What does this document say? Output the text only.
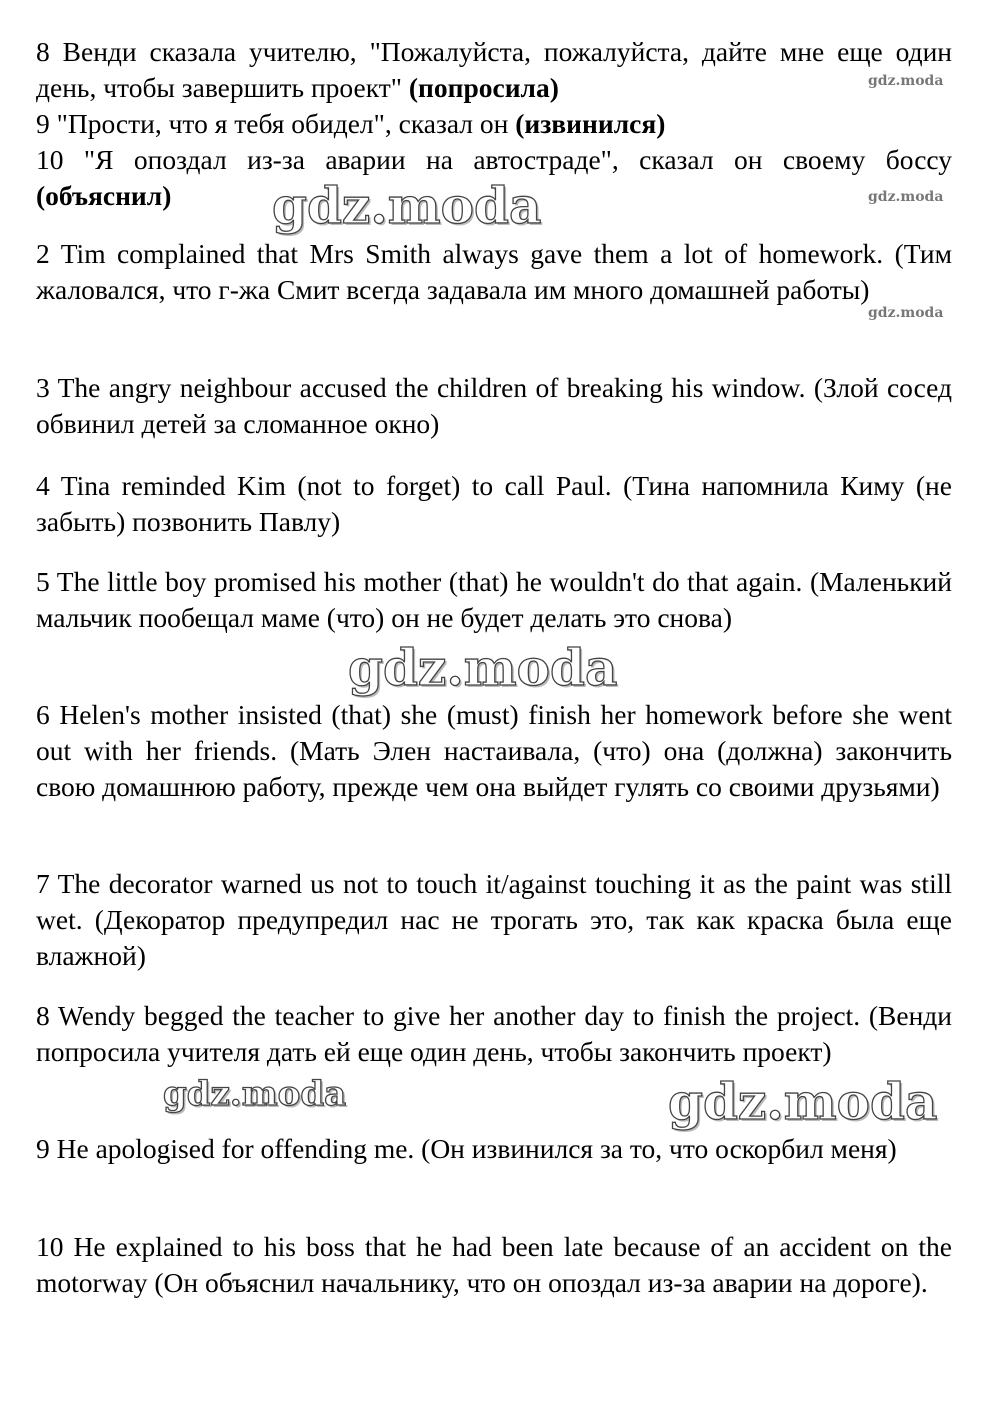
8 Венди сказала учителю, "Пожалуйста, пожалуйста, дайте мне еще один день, чтобы завершить проект" (попросила)
9 "Прости, что я тебя обидел", сказал он (извинился)
10 "Я опоздал из-за аварии на автостраде", сказал он своему боссу (объяснил)
2 Tim complained that Mrs Smith always gave them a lot of homework. (Тим жаловался, что г-жа Смит всегда задавала им много домашней работы)
3 The angry neighbour accused the children of breaking his window. (Злой сосед обвинил детей за сломанное окно)
4 Tina reminded Kim (not to forget) to call Paul. (Тина напомнила Киму (не забыть) позвонить Павлу)
5 The little boy promised his mother (that) he wouldn't do that again. (Маленький мальчик пообещал маме (что) он не будет делать это снова)
6 Helen's mother insisted (that) she (must) finish her homework before she went out with her friends. (Мать Элен настаивала, (что) она (должна) закончить свою домашнюю работу, прежде чем она выйдет гулять со своими друзьями)
7 The decorator warned us not to touch it/against touching it as the paint was still wet. (Декоратор предупредил нас не трогать это, так как краска была еще влажной)
8 Wendy begged the teacher to give her another day to finish the project. (Венди попросила учителя дать ей еще один день, чтобы закончить проект)
9 He apologised for offending me. (Он извинился за то, что оскорбил меня)
10 He explained to his boss that he had been late because of an accident on the motorway (Он объяснил начальнику, что он опоздал из-за аварии на дороге).
gdz.moda
gdz.moda	gdz.moda
gdz.moda
gdz.moda
gdz.moda	gdz.moda
